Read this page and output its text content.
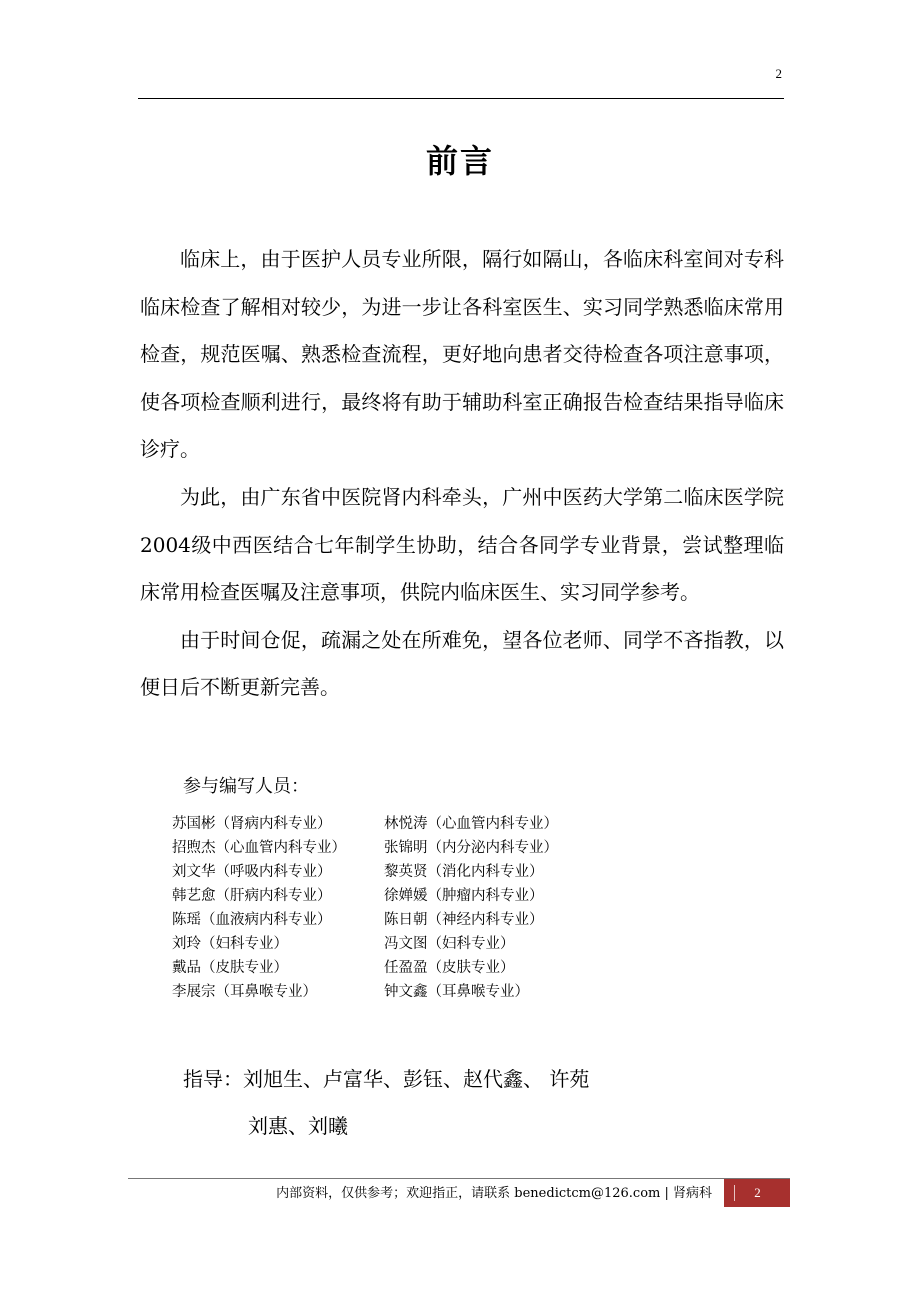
2
前言

临床上，由于医护人员专业所限，隔行如隔山，各临床科室间对专科临床检查了解相对较少，为进一步让各科室医生、实习同学熟悉临床常用检查，规范医嘱、熟悉检查流程，更好地向患者交待检查各项注意事项，使各项检查顺利进行，最终将有助于辅助科室正确报告检查结果指导临床诊疗。

为此，由广东省中医院肾内科牵头，广州中医药大学第二临床医学院2004级中西医结合七年制学生协助，结合各同学专业背景，尝试整理临床常用检查医嘱及注意事项，供院内临床医生、实习同学参考。

由于时间仓促，疏漏之处在所难免，望各位老师、同学不吝指教，以便日后不断更新完善。

参与编写人员：
苏国彬（肾病内科专业）	林悦涛（心血管内科专业）
招煦杰（心血管内科专业）	张锦明（内分泌内科专业）
刘文华（呼吸内科专业）	黎英贤（消化内科专业）
韩艺愈（肝病内科专业）	徐婵媛（肿瘤内科专业）
陈瑶（血液病内科专业）	陈日朝（神经内科专业）
刘玲（妇科专业）	冯文图（妇科专业）
戴品（皮肤专业）	任盈盈（皮肤专业）
李展宗（耳鼻喉专业）	钟文鑫（耳鼻喉专业）
指导：刘旭生、卢富华、彭钰、赵代鑫、 许苑
刘惠、刘曦
内部资料，仅供参考；欢迎指正，请联系 benedictcm@126.com | 肾病科	2
